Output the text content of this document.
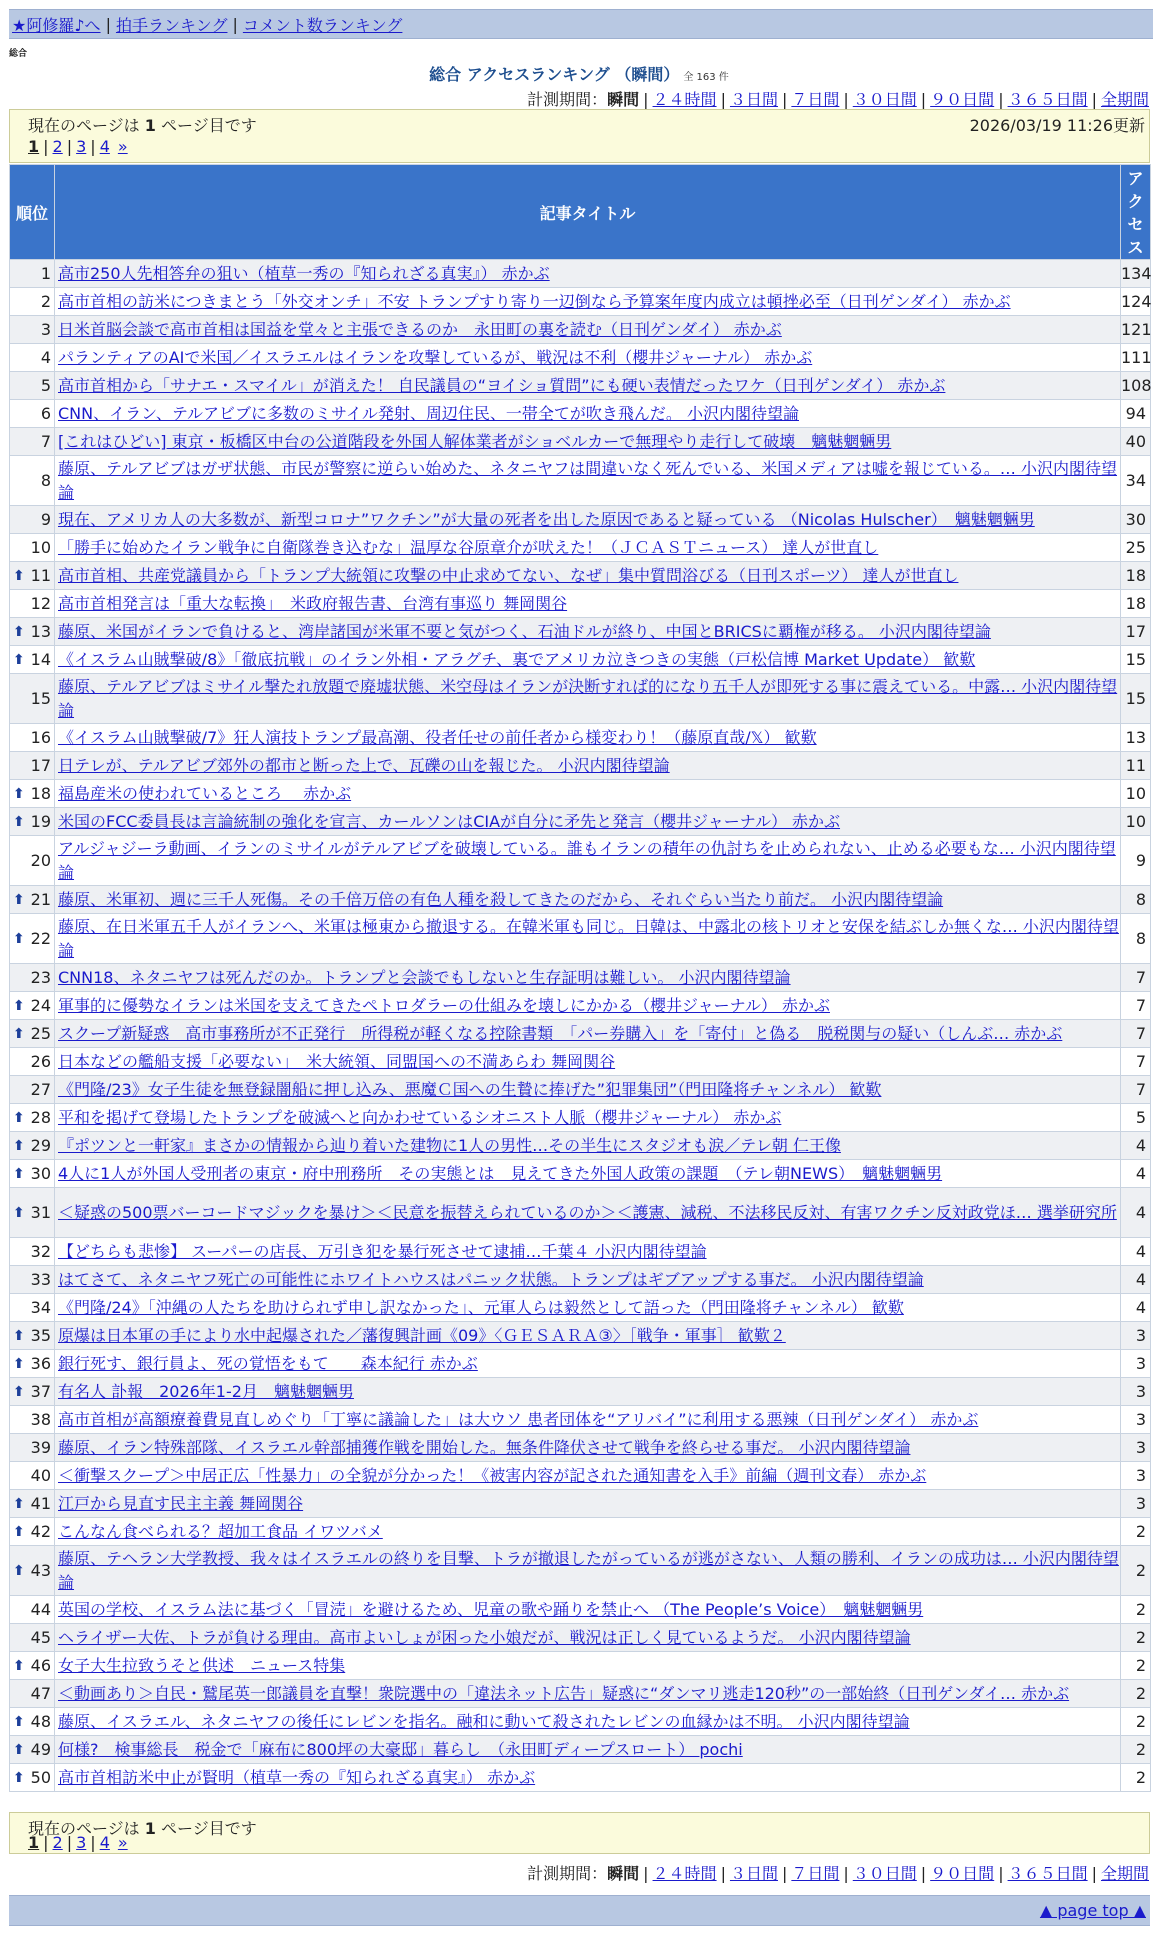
★阿修羅♪へ | 拍手ランキング | コメント数ランキング
総合
総合 アクセスランキング （瞬間） 全 163 件
計測期間：瞬間 | ２４時間 | ３日間 | ７日間 | ３０日間 | ９０日間 | ３６５日間 | 全期間
現在のページは 1 ページ目です	2026/03/19 11:26更新
1 | 2 | 3 | 4 »
順位	記事タイトル	アクセス
1	高市250人先相答弁の狙い（植草一秀の『知られざる真実』） 赤かぶ	134
2	高市首相の訪米につきまとう「外交オンチ」不安 トランプすり寄り一辺倒なら予算案年度内成立は頓挫必至（日刊ゲンダイ） 赤かぶ	124
3	日米首脳会談で高市首相は国益を堂々と主張できるのか　永田町の裏を読む（日刊ゲンダイ） 赤かぶ	121
4	パランティアのAIで米国／イスラエルはイランを攻撃しているが、戦況は不利（櫻井ジャーナル） 赤かぶ	111
5	高市首相から「サナエ・スマイル」が消えた！ 自民議員の“ヨイショ質問”にも硬い表情だったワケ（日刊ゲンダイ） 赤かぶ	108
6	CNN、イラン、テルアビブに多数のミサイル発射、周辺住民、一帯全てが吹き飛んだ。 小沢内閣待望論	94
7	[これはひどい] 東京・板橋区中台の公道階段を外国人解体業者がショベルカーで無理やり走行して破壊　魑魅魍魎男	40
8	藤原、テルアビブはガザ状態、市民が警察に逆らい始めた、ネタニヤフは間違いなく死んでいる、米国メディアは嘘を報じている。… 小沢内閣待望論	34
9	現在、アメリカ人の大多数が、新型コロナ”ワクチン”が大量の死者を出した原因であると疑っている （Nicolas Hulscher）　魑魅魍魎男	30
10	「勝手に始めたイラン戦争に自衛隊巻き込むな」温厚な谷原章介が吠えた！（ＪＣＡＳＴニュース） 達人が世直し	25

⬆ 11	高市首相、共産党議員から「トランプ大統領に攻撃の中止求めてない、なぜ」集中質問浴びる（日刊スポーツ） 達人が世直し	18
12	高市首相発言は「重大な転換」　米政府報告書、台湾有事巡り 舞岡関谷	18

⬆ 13	藤原、米国がイランで負けると、湾岸諸国が米軍不要と気がつく、石油ドルが終り、中国とBRICSに覇権が移る。 小沢内閣待望論	17

⬆ 14	《イスラム山賊撃破/8》「徹底抗戦」のイラン外相・アラグチ、裏でアメリカ泣きつきの実態（戸松信博 Market Update） 歓歎	15
15	藤原、テルアビブはミサイル撃たれ放題で廃墟状態、米空母はイランが決断すれば的になり五千人が即死する事に震えている。中露… 小沢内閣待望論	15
16	《イスラム山賊撃破/7》狂人演技トランプ最高潮、役者任せの前任者から様変わり！（藤原直哉/𝕏） 歓歎	13
17	日テレが、テルアビブ郊外の都市と断った上で、瓦礫の山を報じた。 小沢内閣待望論	11

⬆ 18	福島産米の使われているところ　 赤かぶ	10

⬆ 19	米国のFCC委員長は言論統制の強化を宣言、カールソンはCIAが自分に矛先と発言（櫻井ジャーナル） 赤かぶ	10
20	アルジャジーラ動画、イランのミサイルがテルアビブを破壊している。誰もイランの積年の仇討ちを止められない、止める必要もな… 小沢内閣待望論	9

⬆ 21	藤原、米軍初、週に三千人死傷。その千倍万倍の有色人種を殺してきたのだから、それぐらい当たり前だ。 小沢内閣待望論	8

⬆ 22	藤原、在日米軍五千人がイランへ、米軍は極東から撤退する。在韓米軍も同じ。日韓は、中露北の核トリオと安保を結ぶしか無くな… 小沢内閣待望論	8
23	CNN18、ネタニヤフは死んだのか。トランプと会談でもしないと生存証明は難しい。 小沢内閣待望論	7

⬆ 24	軍事的に優勢なイランは米国を支えてきたペトロダラーの仕組みを壊しにかかる（櫻井ジャーナル） 赤かぶ	7

⬆ 25	スクープ新疑惑　高市事務所が不正発行　所得税が軽くなる控除書類　「パー券購入」を「寄付」と偽る　脱税関与の疑い（しんぶ… 赤かぶ	7
26	日本などの艦船支援「必要ない」　米大統領、同盟国への不満あらわ 舞岡関谷	7
27	《門隆/23》女子生徒を無登録闇船に押し込み、悪魔Ｃ国への生贄に捧げた”犯罪集団”（門田隆将チャンネル） 歓歎	7

⬆ 28	平和を掲げて登場したトランプを破滅へと向かわせているシオニスト人脈（櫻井ジャーナル） 赤かぶ	5

⬆ 29	『ポツンと一軒家』まさかの情報から辿り着いた建物に1人の男性…その半生にスタジオも涙／テレ朝 仁王像	4

⬆ 30	4人に1人が外国人受刑者の東京・府中刑務所　その実態とは　見えてきた外国人政策の課題　（テレ朝NEWS）　魑魅魍魎男	4

⬆ 31	＜疑惑の500票バーコードマジックを暴け＞＜民意を振替えられているのか＞＜護憲、減税、不法移民反対、有害ワクチン反対政党ほ… 選挙研究所	4
32	【どちらも悲惨】 スーパーの店長、万引き犯を暴行死させて逮捕…千葉４ 小沢内閣待望論	4
33	はてさて、ネタニヤフ死亡の可能性にホワイトハウスはパニック状態。トランプはギブアップする事だ。 小沢内閣待望論	4
34	《門隆/24》「沖縄の人たちを助けられず申し訳なかった」、元軍人らは毅然として語った（門田隆将チャンネル） 歓歎	4

⬆ 35	原爆は日本軍の手により水中起爆された／藩復興計画《09》〈ＧＥＳＡＲＡ③〉［戦争・軍事］ 歓歎２	3

⬆ 36	銀行死す、銀行員よ、死の覚悟をもて　　森本紀行 赤かぶ	3

⬆ 37	有名人 訃報　2026年1-2月　魑魅魍魎男	3
38	高市首相が高額療養費見直しめぐり「丁寧に議論した」は大ウソ 患者団体を“アリバイ”に利用する悪辣（日刊ゲンダイ） 赤かぶ	3
39	藤原、イラン特殊部隊、イスラエル幹部捕獲作戦を開始した。無条件降伏させて戦争を終らせる事だ。 小沢内閣待望論	3
40	＜衝撃スクープ＞中居正広「性暴力」の全貌が分かった！《被害内容が記された通知書を入手》前編（週刊文春） 赤かぶ	3

⬆ 41	江戸から見直す民主主義 舞岡関谷	3

⬆ 42	こんなん食べられる？超加工食品 イワツバメ	2

⬆ 43	藤原、テヘラン大学教授、我々はイスラエルの終りを目撃、トラが撤退したがっているが逃がさない、人類の勝利、イランの成功は… 小沢内閣待望論	2
44	英国の学校、イスラム法に基づく「冒涜」を避けるため、児童の歌や踊りを禁止へ （The People’s Voice）　魑魅魍魎男	2
45	ヘライザー大佐、トラが負ける理由。高市よいしょが困った小娘だが、戦況は正しく見ているようだ。 小沢内閣待望論	2

⬆ 46	女子大生拉致うそと供述　ニュース特集	2
47	＜動画あり＞自民・鷲尾英一郎議員を直撃！衆院選中の「違法ネット広告」疑惑に“ダンマリ逃走120秒”の一部始終（日刊ゲンダイ… 赤かぶ	2

⬆ 48	藤原、イスラエル、ネタニヤフの後任にレビンを指名。融和に動いて殺されたレビンの血縁かは不明。 小沢内閣待望論	2

⬆ 49	何様?　検事総長　税金で「麻布に800坪の大豪邸」暮らし　（永田町ディープスロート） pochi	2

⬆ 50	高市首相訪米中止が賢明（植草一秀の『知られざる真実』） 赤かぶ	2
現在のページは 1 ページ目です
1 | 2 | 3 | 4 »
計測期間：瞬間 | ２４時間 | ３日間 | ７日間 | ３０日間 | ９０日間 | ３６５日間 | 全期間
▲ page top ▲
